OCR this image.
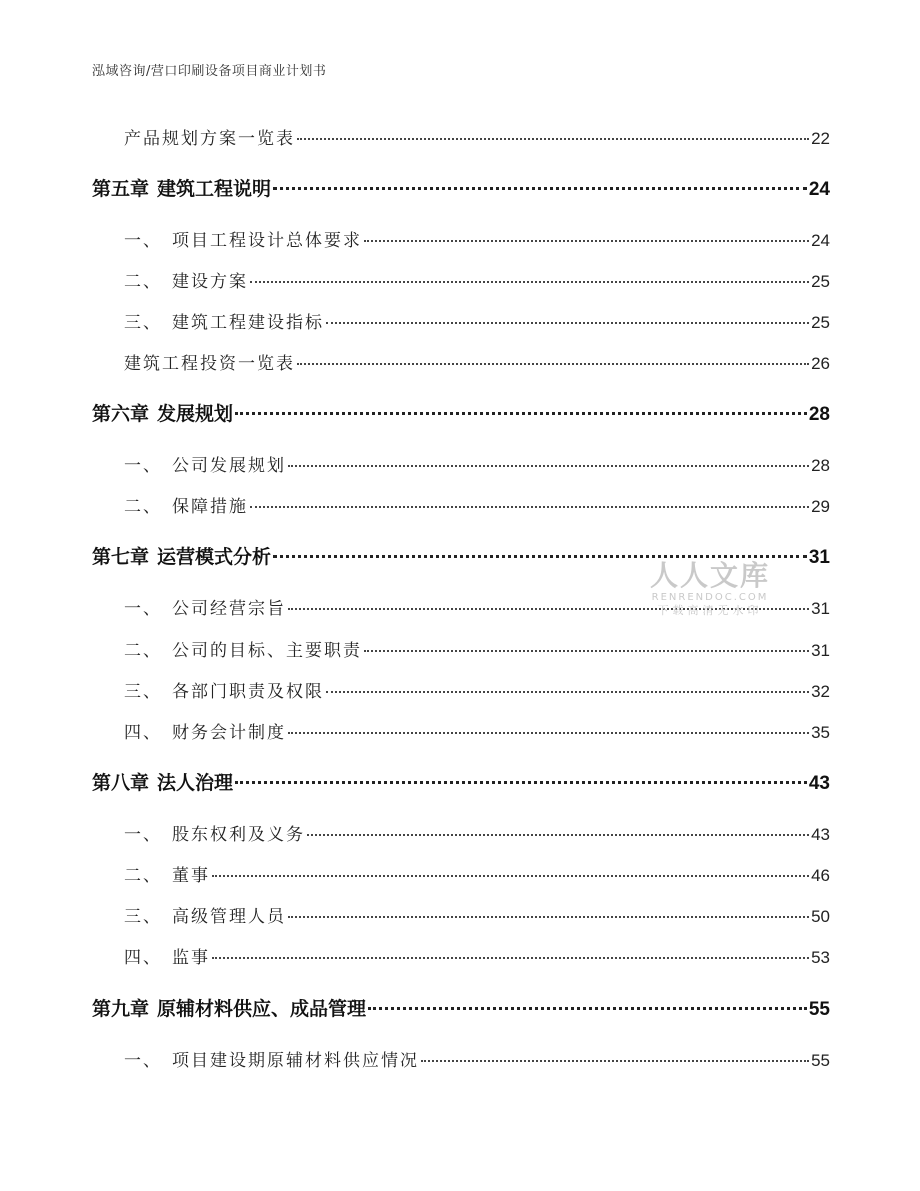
泓域咨询/营口印刷设备项目商业计划书
产品规划方案一览表	22
第五章 建筑工程说明	24
一、 项目工程设计总体要求	24
二、 建设方案	25
三、 建筑工程建设指标	25
建筑工程投资一览表	26
第六章 发展规划	28
一、 公司发展规划	28
二、 保障措施	29
第七章 运营模式分析	31
一、 公司经营宗旨	31
二、 公司的目标、主要职责	31
三、 各部门职责及权限	32
四、 财务会计制度	35
第八章 法人治理	43
一、 股东权利及义务	43
二、 董事	46
三、 高级管理人员	50
四、 监事	53
第九章 原辅材料供应、成品管理	55
一、 项目建设期原辅材料供应情况	55
人人文库
RENRENDOC.COM
下载高清无水印
